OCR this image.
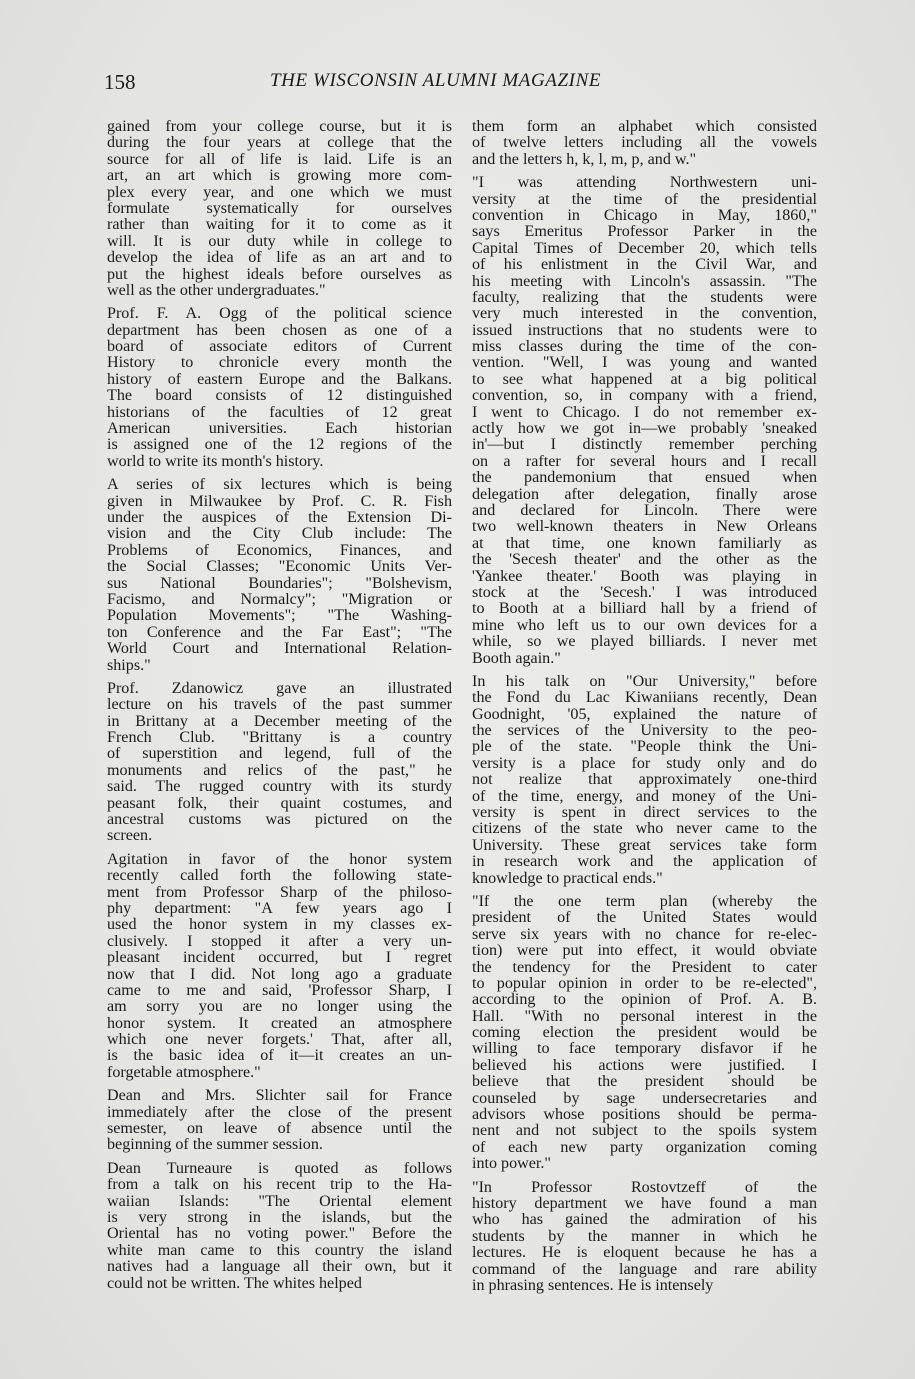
158	THE WISCONSIN ALUMNI MAGAZINE
gained from your college course, but it is
during the four years at college that the
source for all of life is laid. Life is an
art, an art which is growing more com-
plex every year, and one which we must
formulate systematically for ourselves
rather than waiting for it to come as it
will. It is our duty while in college to
develop the idea of life as an art and to
put the highest ideals before ourselves as
well as the other undergraduates."
Prof. F. A. Ogg of the political science
department has been chosen as one of a
board of associate editors of Current
History to chronicle every month the
history of eastern Europe and the Balkans.
The board consists of 12 distinguished
historians of the faculties of 12 great
American universities. Each historian
is assigned one of the 12 regions of the
world to write its month's history.
A series of six lectures which is being
given in Milwaukee by Prof. C. R. Fish
under the auspices of the Extension Di-
vision and the City Club include: The
Problems of Economics, Finances, and
the Social Classes; "Economic Units Ver-
sus National Boundaries"; "Bolshevism,
Facismo, and Normalcy"; "Migration or
Population Movements"; "The Washing-
ton Conference and the Far East"; "The
World Court and International Relation-
ships."
Prof. Zdanowicz gave an illustrated
lecture on his travels of the past summer
in Brittany at a December meeting of the
French Club. "Brittany is a country
of superstition and legend, full of the
monuments and relics of the past," he
said. The rugged country with its sturdy
peasant folk, their quaint costumes, and
ancestral customs was pictured on the
screen.
Agitation in favor of the honor system
recently called forth the following state-
ment from Professor Sharp of the philoso-
phy department: "A few years ago I
used the honor system in my classes ex-
clusively. I stopped it after a very un-
pleasant incident occurred, but I regret
now that I did. Not long ago a graduate
came to me and said, 'Professor Sharp, I
am sorry you are no longer using the
honor system. It created an atmosphere
which one never forgets.' That, after all,
is the basic idea of it—it creates an un-
forgetable atmosphere."
Dean and Mrs. Slichter sail for France
immediately after the close of the present
semester, on leave of absence until the
beginning of the summer session.
Dean Turneaure is quoted as follows
from a talk on his recent trip to the Ha-
waiian Islands: "The Oriental element
is very strong in the islands, but the
Oriental has no voting power." Before the
white man came to this country the island
natives had a language all their own, but it
could not be written. The whites helped
them form an alphabet which consisted
of twelve letters including all the vowels
and the letters h, k, l, m, p, and w."
"I was attending Northwestern uni-
versity at the time of the presidential
convention in Chicago in May, 1860,"
says Emeritus Professor Parker in the
Capital Times of December 20, which tells
of his enlistment in the Civil War, and
his meeting with Lincoln's assassin. "The
faculty, realizing that the students were
very much interested in the convention,
issued instructions that no students were to
miss classes during the time of the con-
vention. "Well, I was young and wanted
to see what happened at a big political
convention, so, in company with a friend,
I went to Chicago. I do not remember ex-
actly how we got in—we probably 'sneaked
in'—but I distinctly remember perching
on a rafter for several hours and I recall
the pandemonium that ensued when
delegation after delegation, finally arose
and declared for Lincoln. There were
two well-known theaters in New Orleans
at that time, one known familiarly as
the 'Secesh theater' and the other as the
'Yankee theater.' Booth was playing in
stock at the 'Secesh.' I was introduced
to Booth at a billiard hall by a friend of
mine who left us to our own devices for a
while, so we played billiards. I never met
Booth again."
In his talk on "Our University," before
the Fond du Lac Kiwaniians recently, Dean
Goodnight, '05, explained the nature of
the services of the University to the peo-
ple of the state. "People think the Uni-
versity is a place for study only and do
not realize that approximately one-third
of the time, energy, and money of the Uni-
versity is spent in direct services to the
citizens of the state who never came to the
University. These great services take form
in research work and the application of
knowledge to practical ends."
"If the one term plan (whereby the
president of the United States would
serve six years with no chance for re-elec-
tion) were put into effect, it would obviate
the tendency for the President to cater
to popular opinion in order to be re-elected",
according to the opinion of Prof. A. B.
Hall. "With no personal interest in the
coming election the president would be
willing to face temporary disfavor if he
believed his actions were justified. I
believe that the president should be
counseled by sage undersecretaries and
advisors whose positions should be perma-
nent and not subject to the spoils system
of each new party organization coming
into power."
"In Professor Rostovtzeff of the
history department we have found a man
who has gained the admiration of his
students by the manner in which he
lectures. He is eloquent because he has a
command of the language and rare ability
in phrasing sentences. He is intensely
